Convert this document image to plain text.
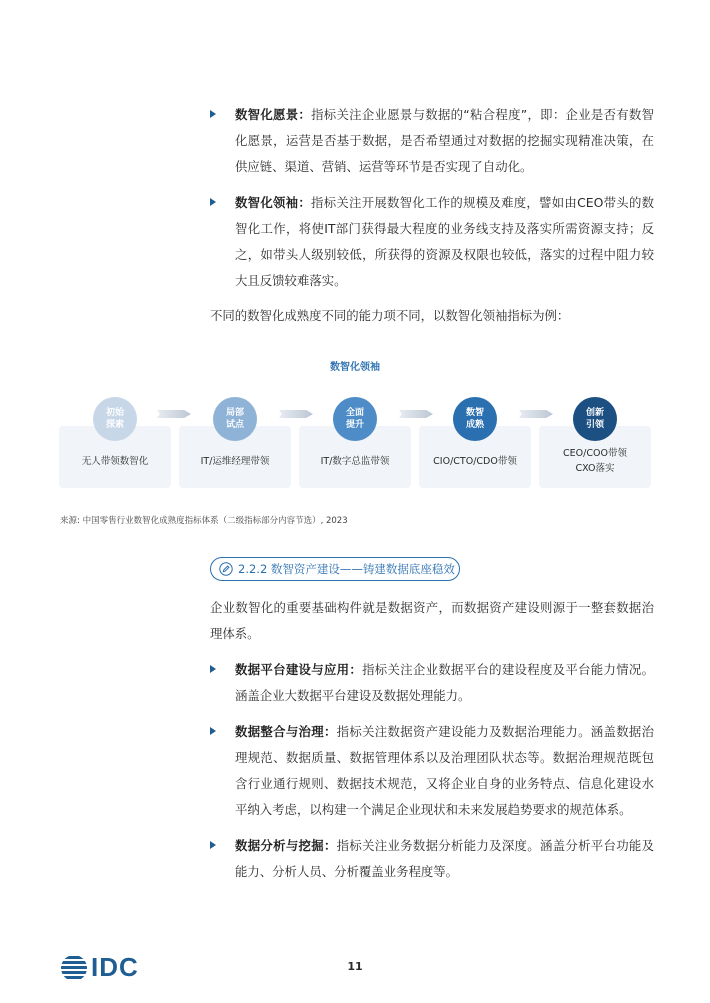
数智化愿景：指标关注企业愿景与数据的“粘合程度”，即：企业是否有数智化愿景，运营是否基于数据，是否希望通过对数据的挖掘实现精准决策，在供应链、渠道、营销、运营等环节是否实现了自动化。
数智化领袖：指标关注开展数智化工作的规模及难度，譬如由CEO带头的数智化工作，将使IT部门获得最大程度的业务线支持及落实所需资源支持；反之，如带头人级别较低，所获得的资源及权限也较低，落实的过程中阻力较大且反馈较难落实。
不同的数智化成熟度不同的能力项不同，以数智化领袖指标为例：
数智化领袖
无人带领数智化	IT/运维经理带领	IT/数字总监带领	CIO/CTO/CDO带领
CEO/COO带领
CXO落实
初始
探索
局部
试点
全面
提升
数智
成熟
创新
引领
来源: 中国零售行业数智化成熟度指标体系（二级指标部分内容节选）, 2023
2.2.2 数智资产建设——铸建数据底座稳效
企业数智化的重要基础构件就是数据资产，而数据资产建设则源于一整套数据治理体系。
数据平台建设与应用：指标关注企业数据平台的建设程度及平台能力情况。涵盖企业大数据平台建设及数据处理能力。
数据整合与治理：指标关注数据资产建设能力及数据治理能力。涵盖数据治理规范、数据质量、数据管理体系以及治理团队状态等。数据治理规范既包含行业通行规则、数据技术规范，又将企业自身的业务特点、信息化建设水平纳入考虑，以构建一个满足企业现状和未来发展趋势要求的规范体系。
数据分析与挖掘：指标关注业务数据分析能力及深度。涵盖分析平台功能及能力、分析人员、分析覆盖业务程度等。
IDC	11
